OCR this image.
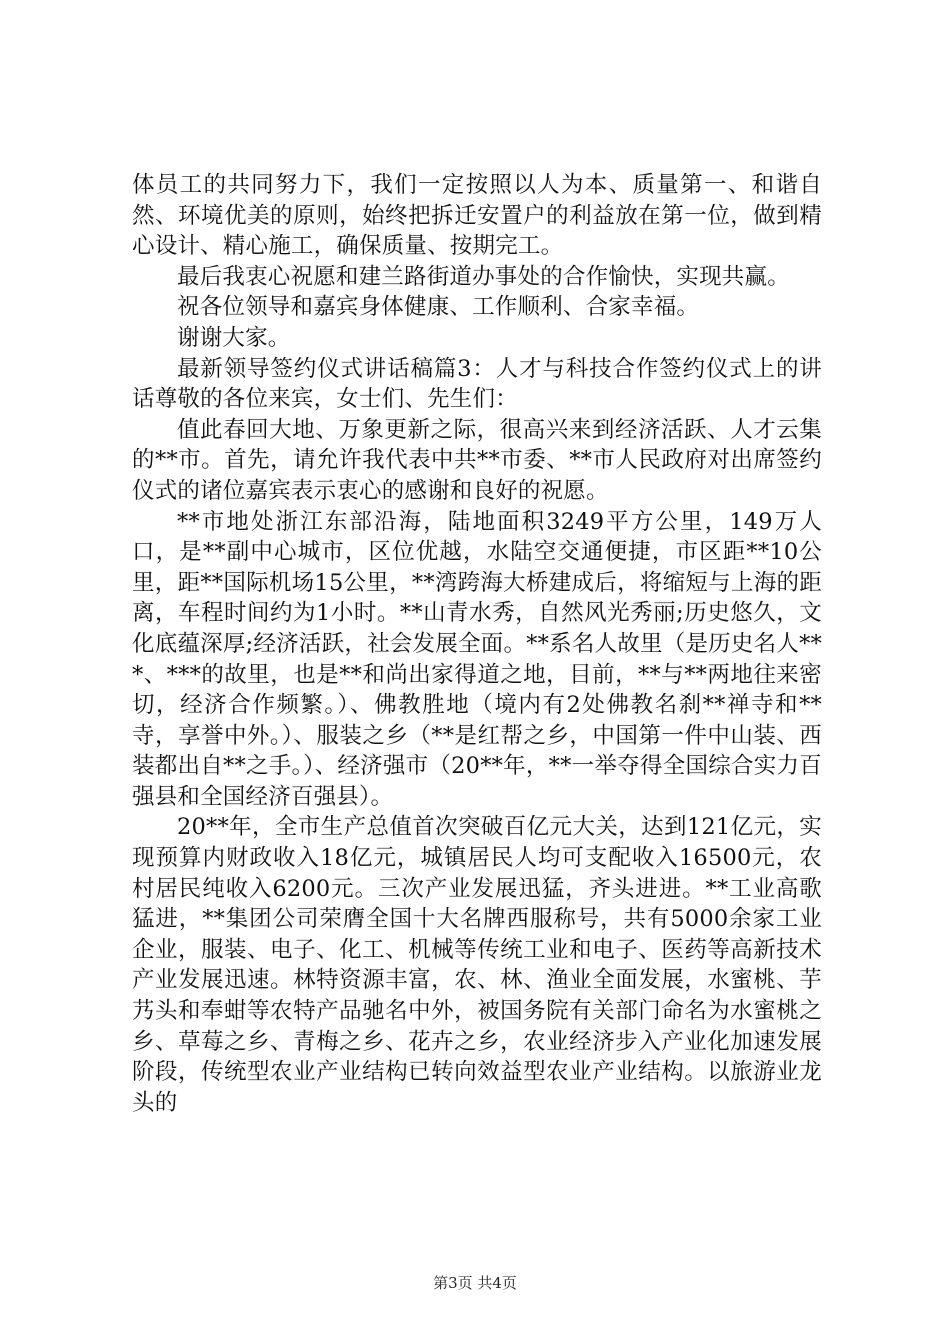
体员工的共同努力下，我们一定按照以人为本、质量第一、和谐自然、环境优美的原则，始终把拆迁安置户的利益放在第一位，做到精心设计、精心施工，确保质量、按期完工。

最后我衷心祝愿和建兰路街道办事处的合作愉快，实现共赢。

祝各位领导和嘉宾身体健康、工作顺利、合家幸福。

谢谢大家。

最新领导签约仪式讲话稿篇3：人才与科技合作签约仪式上的讲话尊敬的各位来宾，女士们、先生们：

值此春回大地、万象更新之际，很高兴来到经济活跃、人才云集的**市。首先，请允许我代表中共**市委、**市人民政府对出席签约仪式的诸位嘉宾表示衷心的感谢和良好的祝愿。

**市地处浙江东部沿海，陆地面积3249平方公里，149万人口，是**副中心城市，区位优越，水陆空交通便捷，市区距**10公里，距**国际机场15公里，**湾跨海大桥建成后，将缩短与上海的距离，车程时间约为1小时。**山青水秀，自然风光秀丽;历史悠久，文化底蕴深厚;经济活跃，社会发展全面。**系名人故里（是历史名人***、***的故里，也是**和尚出家得道之地，目前，**与**两地往来密切，经济合作频繁。）、佛教胜地（境内有2处佛教名刹**禅寺和**寺，享誉中外。）、服装之乡（**是红帮之乡，中国第一件中山装、西装都出自**之手。）、经济强市（20**年，**一举夺得全国综合实力百强县和全国经济百强县）。

20**年，全市生产总值首次突破百亿元大关，达到121亿元，实现预算内财政收入18亿元，城镇居民人均可支配收入16500元，农村居民纯收入6200元。三次产业发展迅猛，齐头进进。**工业高歌猛进，**集团公司荣膺全国十大名牌西服称号，共有5000余家工业企业，服装、电子、化工、机械等传统工业和电子、医药等高新技术产业发展迅速。林特资源丰富，农、林、渔业全面发展，水蜜桃、芋艿头和奉蚶等农特产品驰名中外，被国务院有关部门命名为水蜜桃之乡、草莓之乡、青梅之乡、花卉之乡，农业经济步入产业化加速发展阶段，传统型农业产业结构已转向效益型农业产业结构。以旅游业龙头的

第3页 共4页
